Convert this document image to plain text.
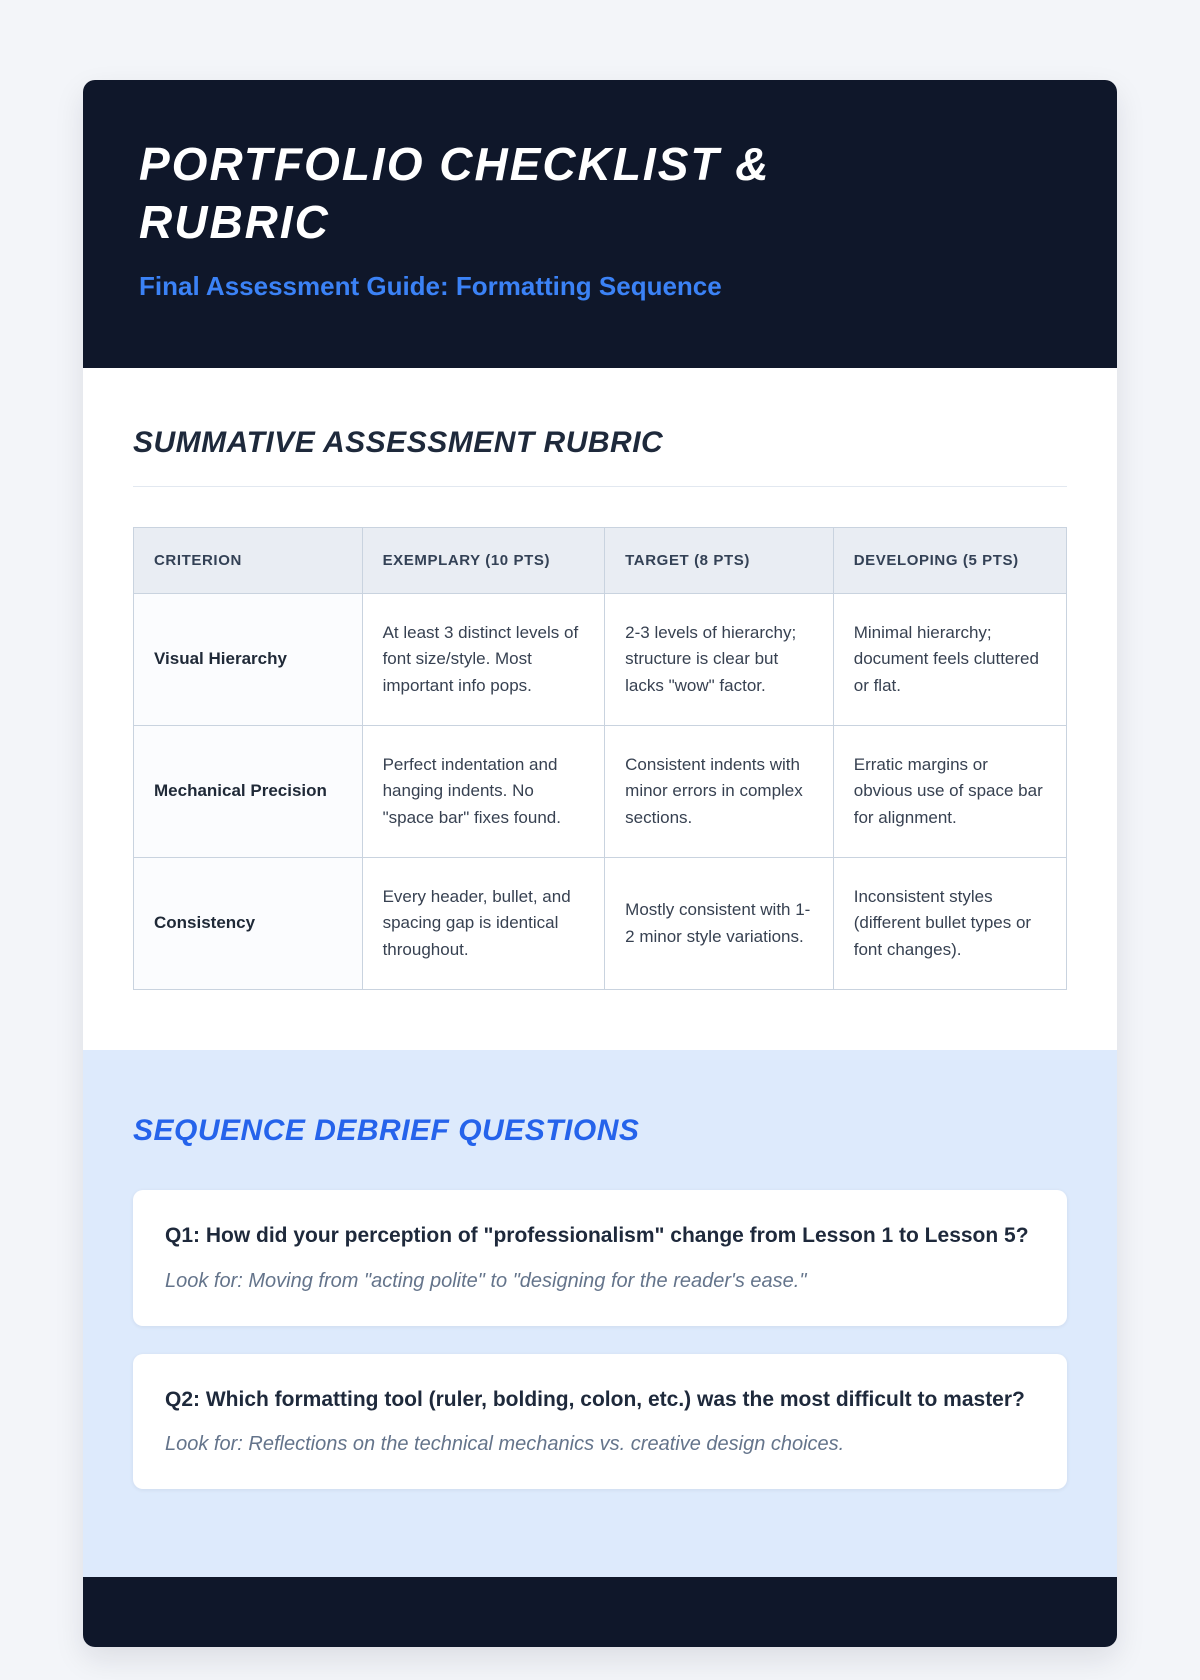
PORTFOLIO CHECKLIST & RUBRIC
Final Assessment Guide: Formatting Sequence
SUMMATIVE ASSESSMENT RUBRIC
CRITERION	EXEMPLARY (10 PTS)	TARGET (8 PTS)	DEVELOPING (5 PTS)
Visual Hierarchy	At least 3 distinct levels of font size/style. Most important info pops.	2-3 levels of hierarchy; structure is clear but lacks "wow" factor.	Minimal hierarchy; document feels cluttered or flat.
Mechanical Precision	Perfect indentation and hanging indents. No "space bar" fixes found.	Consistent indents with minor errors in complex sections.	Erratic margins or obvious use of space bar for alignment.
Consistency	Every header, bullet, and spacing gap is identical throughout.	Mostly consistent with 1-2 minor style variations.	Inconsistent styles (different bullet types or font changes).
SEQUENCE DEBRIEF QUESTIONS
Q1: How did your perception of "professionalism" change from Lesson 1 to Lesson 5?
Look for: Moving from "acting polite" to "designing for the reader's ease."
Q2: Which formatting tool (ruler, bolding, colon, etc.) was the most difficult to master?
Look for: Reflections on the technical mechanics vs. creative design choices.
